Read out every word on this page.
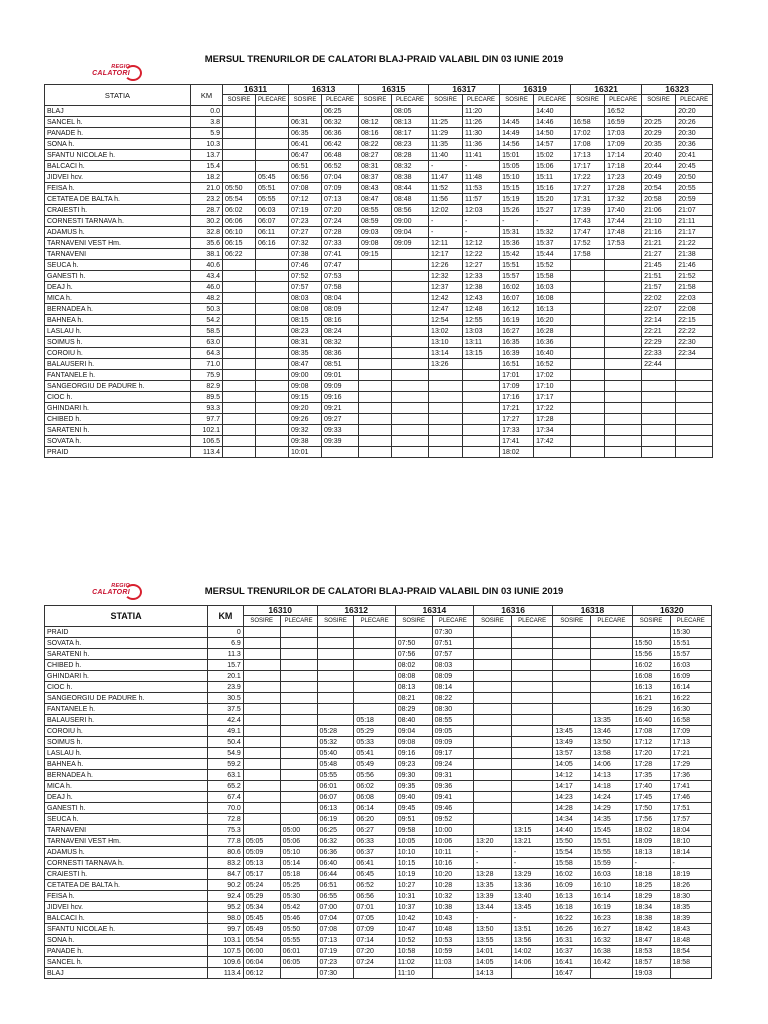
REGIO
CALATORI
MERSUL TRENURILOR DE CALATORI BLAJ-PRAID VALABIL DIN 03 IUNIE 2019
STATIA	KM	16311		16313		16315		16317		16319		16321		16323	
		SOSIRE	PLECARE	SOSIRE	PLECARE	SOSIRE	PLECARE	SOSIRE	PLECARE	SOSIRE	PLECARE	SOSIRE	PLECARE	SOSIRE	PLECARE
BLAJ	0.0				06:25		08:05		11:20		14:40		16:52		20:20
SANCEL h.	3.8			06:31	06:32	08:12	08:13	11:25	11:26	14:45	14:46	16:58	16:59	20:25	20:26
PANADE h.	5.9			06:35	06:36	08:16	08:17	11:29	11:30	14:49	14:50	17:02	17:03	20:29	20:30
SONA h.	10.3			06:41	06:42	08:22	08:23	11:35	11:36	14:56	14:57	17:08	17:09	20:35	20:36
SFANTU NICOLAE h.	13.7			06:47	06:48	08:27	08:28	11:40	11:41	15:01	15:02	17:13	17:14	20:40	20:41
BALCACI h.	15.4			06:51	06:52	08:31	08:32	-	-	15:05	15:06	17:17	17:18	20:44	20:45
JIDVEI hcv.	18.2		05:45	06:56	07:04	08:37	08:38	11:47	11:48	15:10	15:11	17:22	17:23	20:49	20:50
FEISA h.	21.0	05:50	05:51	07:08	07:09	08:43	08:44	11:52	11:53	15:15	15:16	17:27	17:28	20:54	20:55
CETATEA DE BALTA h.	23.2	05:54	05:55	07:12	07:13	08:47	08:48	11:56	11:57	15:19	15:20	17:31	17:32	20:58	20:59
CRAIESTI h.	28.7	06:02	06:03	07:19	07:20	08:55	08:56	12:02	12:03	15:26	15:27	17:39	17:40	21:06	21:07
CORNESTI TARNAVA h.	30.2	06:06	06:07	07:23	07:24	08:59	09:00	-	-	-	-	17:43	17:44	21:10	21:11
ADAMUS h.	32.8	06:10	06:11	07:27	07:28	09:03	09:04	-	-	15:31	15:32	17:47	17:48	21:16	21:17
TARNAVENI VEST Hm.	35.6	06:15	06:16	07:32	07:33	09:08	09:09	12:11	12:12	15:36	15:37	17:52	17:53	21:21	21:22
TARNAVENI	38.1	06:22		07:38	07:41	09:15		12:17	12:22	15:42	15:44	17:58		21:27	21:38
SEUCA h.	40.6			07:46	07:47			12:26	12:27	15:51	15:52			21:45	21:46
GANESTI h.	43.4			07:52	07:53			12:32	12:33	15:57	15:58			21:51	21:52
DEAJ h.	46.0			07:57	07:58			12:37	12:38	16:02	16:03			21:57	21:58
MICA h.	48.2			08:03	08:04			12:42	12:43	16:07	16:08			22:02	22:03
BERNADEA h.	50.3			08:08	08:09			12:47	12:48	16:12	16:13			22:07	22:08
BAHNEA h.	54.2			08:15	08:16			12:54	12:55	16:19	16:20			22:14	22:15
LASLAU h.	58.5			08:23	08:24			13:02	13:03	16:27	16:28			22:21	22:22
SOIMUS h.	63.0			08:31	08:32			13:10	13:11	16:35	16:36			22:29	22:30
COROIU h.	64.3			08:35	08:36			13:14	13:15	16:39	16:40			22:33	22:34
BALAUSERI h.	71.0			08:47	08:51			13:26		16:51	16:52			22:44	
FANTANELE h.	75.9			09:00	09:01					17:01	17:02				
SANGEORGIU DE PADURE h.	82.9			09:08	09:09					17:09	17:10				
CIOC h.	89.5			09:15	09:16					17:16	17:17				
GHINDARI h.	93.3			09:20	09:21					17:21	17:22				
CHIBED h.	97.7			09:26	09:27					17:27	17:28				
SARATENI h.	102.1			09:32	09:33					17:33	17:34				
SOVATA h.	106.5			09:38	09:39					17:41	17:42				
PRAID	113.4			10:01						18:02					
REGIO
CALATORI	MERSUL TRENURILOR DE CALATORI BLAJ-PRAID VALABIL DIN 03 IUNIE 2019
STATIA	KM	16310		16312		16314		16316		16318		16320	
		SOSIRE	PLECARE	SOSIRE	PLECARE	SOSIRE	PLECARE	SOSIRE	PLECARE	SOSIRE	PLECARE	SOSIRE	PLECARE
PRAID	0						07:30						15:30
SOVATA h.	6.9					07:50	07:51					15:50	15:51
SARATENI h.	11.3					07:56	07:57					15:56	15:57
CHIBED h.	15.7					08:02	08:03					16:02	16:03
GHINDARI h.	20.1					08:08	08:09					16:08	16:09
CIOC h.	23.9					08:13	08:14					16:13	16:14
SANGEORGIU DE PADURE h.	30.5					08:21	08:22					16:21	16:22
FANTANELE h.	37.5					08:29	08:30					16:29	16:30
BALAUSERI h.	42.4				05:18	08:40	08:55				13:35	16:40	16:58
COROIU h.	49.1			05:28	05:29	09:04	09:05			13:45	13:46	17:08	17:09
SOIMUS h.	50.4			05:32	05:33	09:08	09:09			13:49	13:50	17:12	17:13
LASLAU h.	54.9			05:40	05:41	09:16	09:17			13:57	13:58	17:20	17:21
BAHNEA h.	59.2			05:48	05:49	09:23	09:24			14:05	14:06	17:28	17:29
BERNADEA h.	63.1			05:55	05:56	09:30	09:31			14:12	14:13	17:35	17:36
MICA h.	65.2			06:01	06:02	09:35	09:36			14:17	14:18	17:40	17:41
DEAJ h.	67.4			06:07	06:08	09:40	09:41			14:23	14:24	17:45	17:46
GANESTI h.	70.0			06:13	06:14	09:45	09:46			14:28	14:29	17:50	17:51
SEUCA h.	72.8			06:19	06:20	09:51	09:52			14:34	14:35	17:56	17:57
TARNAVENI	75.3		05:00	06:25	06:27	09:58	10:00		13:15	14:40	15:45	18:02	18:04
TARNAVENI VEST Hm.	77.8	05:05	05:06	06:32	06:33	10:05	10:06	13:20	13:21	15:50	15:51	18:09	18:10
ADAMUS h.	80.6	05:09	05:10	06:36	06:37	10:10	10:11	-	-	15:54	15:55	18:13	18:14
CORNESTI TARNAVA h.	83.2	05:13	05:14	06:40	06:41	10:15	10:16	-	-	15:58	15:59	-	-
CRAIESTI h.	84.7	05:17	05:18	06:44	06:45	10:19	10:20	13:28	13:29	16:02	16:03	18:18	18:19
CETATEA DE BALTA h.	90.2	05:24	05:25	06:51	06:52	10:27	10:28	13:35	13:36	16:09	16:10	18:25	18:26
FEISA h.	92.4	05:29	05:30	06:55	06:56	10:31	10:32	13:39	13:40	16:13	16:14	18:29	18:30
JIDVEI hcv.	95.2	05:34	05:42	07:00	07:01	10:37	10:38	13:44	13:45	16:18	16:19	18:34	18:35
BALCACI h.	98.0	05:45	05:46	07:04	07:05	10:42	10:43	-	-	16:22	16:23	18:38	18:39
SFANTU NICOLAE h.	99.7	05:49	05:50	07:08	07:09	10:47	10:48	13:50	13:51	16:26	16:27	18:42	18:43
SONA h.	103.1	05:54	05:55	07:13	07:14	10:52	10:53	13:55	13:56	16:31	16:32	18:47	18:48
PANADE h.	107.5	06:00	06:01	07:19	07:20	10:58	10:59	14:01	14:02	16:37	16:38	18:53	18:54
SANCEL h.	109.6	06:04	06:05	07:23	07:24	11:02	11:03	14:05	14:06	16:41	16:42	18:57	18:58
BLAJ	113.4	06:12		07:30		11:10		14:13		16:47		19:03	
